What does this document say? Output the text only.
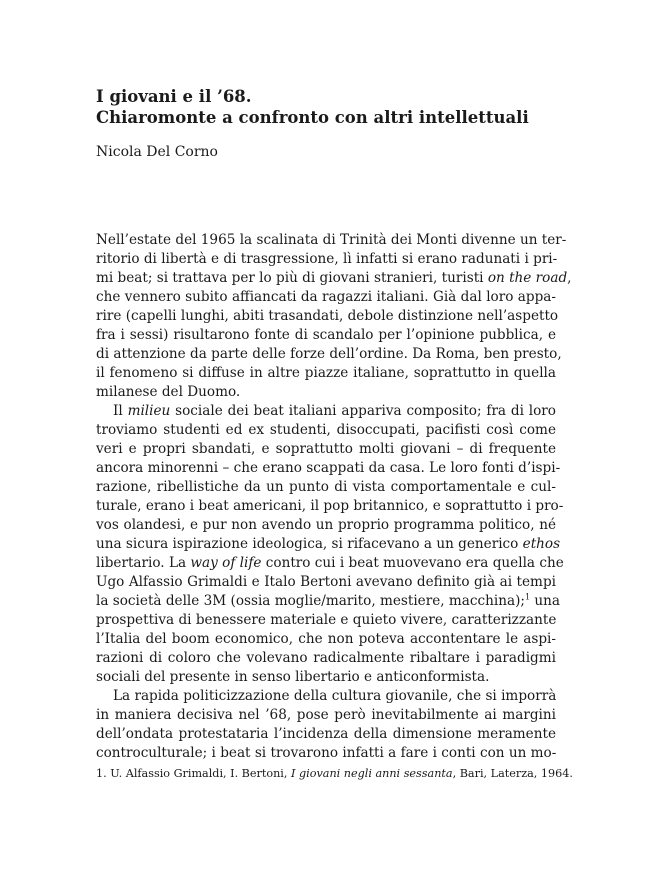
I giovani e il ’68.
Chiaromonte a confronto con altri intellettuali
Nicola Del Corno
Nell’estate del 1965 la scalinata di Trinità dei Monti divenne un ter-
ritorio di libertà e di trasgressione, lì infatti si erano radunati i pri-
mi beat; si trattava per lo più di giovani stranieri, turisti on the road,
che vennero subito affiancati da ragazzi italiani. Già dal loro appa-
rire (capelli lunghi, abiti trasandati, debole distinzione nell’aspetto
fra i sessi) risultarono fonte di scandalo per l’opinione pubblica, e
di attenzione da parte delle forze dell’ordine. Da Roma, ben presto,
il fenomeno si diffuse in altre piazze italiane, soprattutto in quella
milanese del Duomo.
Il milieu sociale dei beat italiani appariva composito; fra di loro
troviamo studenti ed ex studenti, disoccupati, pacifisti così come
veri e propri sbandati, e soprattutto molti giovani – di frequente
ancora minorenni – che erano scappati da casa. Le loro fonti d’ispi-
razione, ribellistiche da un punto di vista comportamentale e cul-
turale, erano i beat americani, il pop britannico, e soprattutto i pro-
vos olandesi, e pur non avendo un proprio programma politico, né
una sicura ispirazione ideologica, si rifacevano a un generico ethos
libertario. La way of life contro cui i beat muovevano era quella che
Ugo Alfassio Grimaldi e Italo Bertoni avevano definito già ai tempi
la società delle 3M (ossia moglie/marito, mestiere, macchina);$^1$ una
prospettiva di benessere materiale e quieto vivere, caratterizzante
l’Italia del boom economico, che non poteva accontentare le aspi-
razioni di coloro che volevano radicalmente ribaltare i paradigmi
sociali del presente in senso libertario e anticonformista.
La rapida politicizzazione della cultura giovanile, che si imporrà
in maniera decisiva nel ’68, pose però inevitabilmente ai margini
dell’ondata protestataria l’incidenza della dimensione meramente
controculturale; i beat si trovarono infatti a fare i conti con un mo-
1. U. Alfassio Grimaldi, I. Bertoni, I giovani negli anni sessanta, Bari, Laterza, 1964.
